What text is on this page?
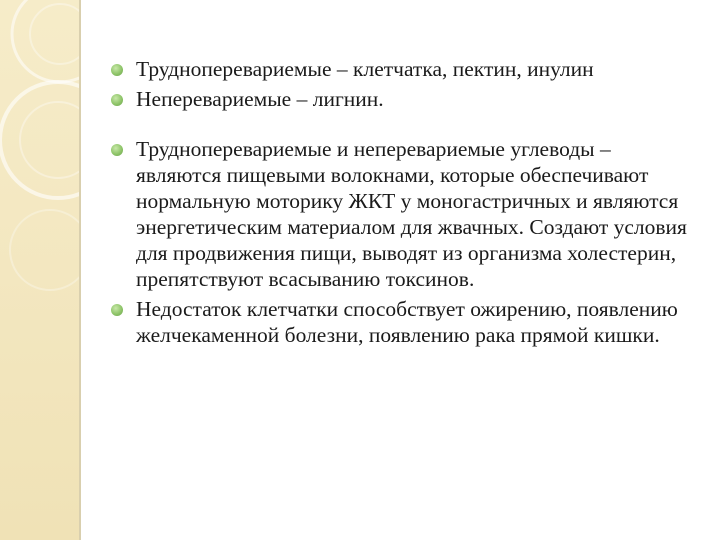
Трудноперевариемые – клетчатка, пектин, инулин
Неперевариемые – лигнин.
Трудноперевариемые и неперевариемые углеводы – являются пищевыми волокнами, которые обеспечивают нормальную моторику ЖКТ у моногастричных и являются энергетическим материалом для жвачных. Создают условия для продвижения пищи, выводят из организма холестерин, препятствуют всасыванию токсинов.
Недостаток клетчатки способствует ожирению, появлению желчекаменной болезни, появлению рака прямой кишки.
